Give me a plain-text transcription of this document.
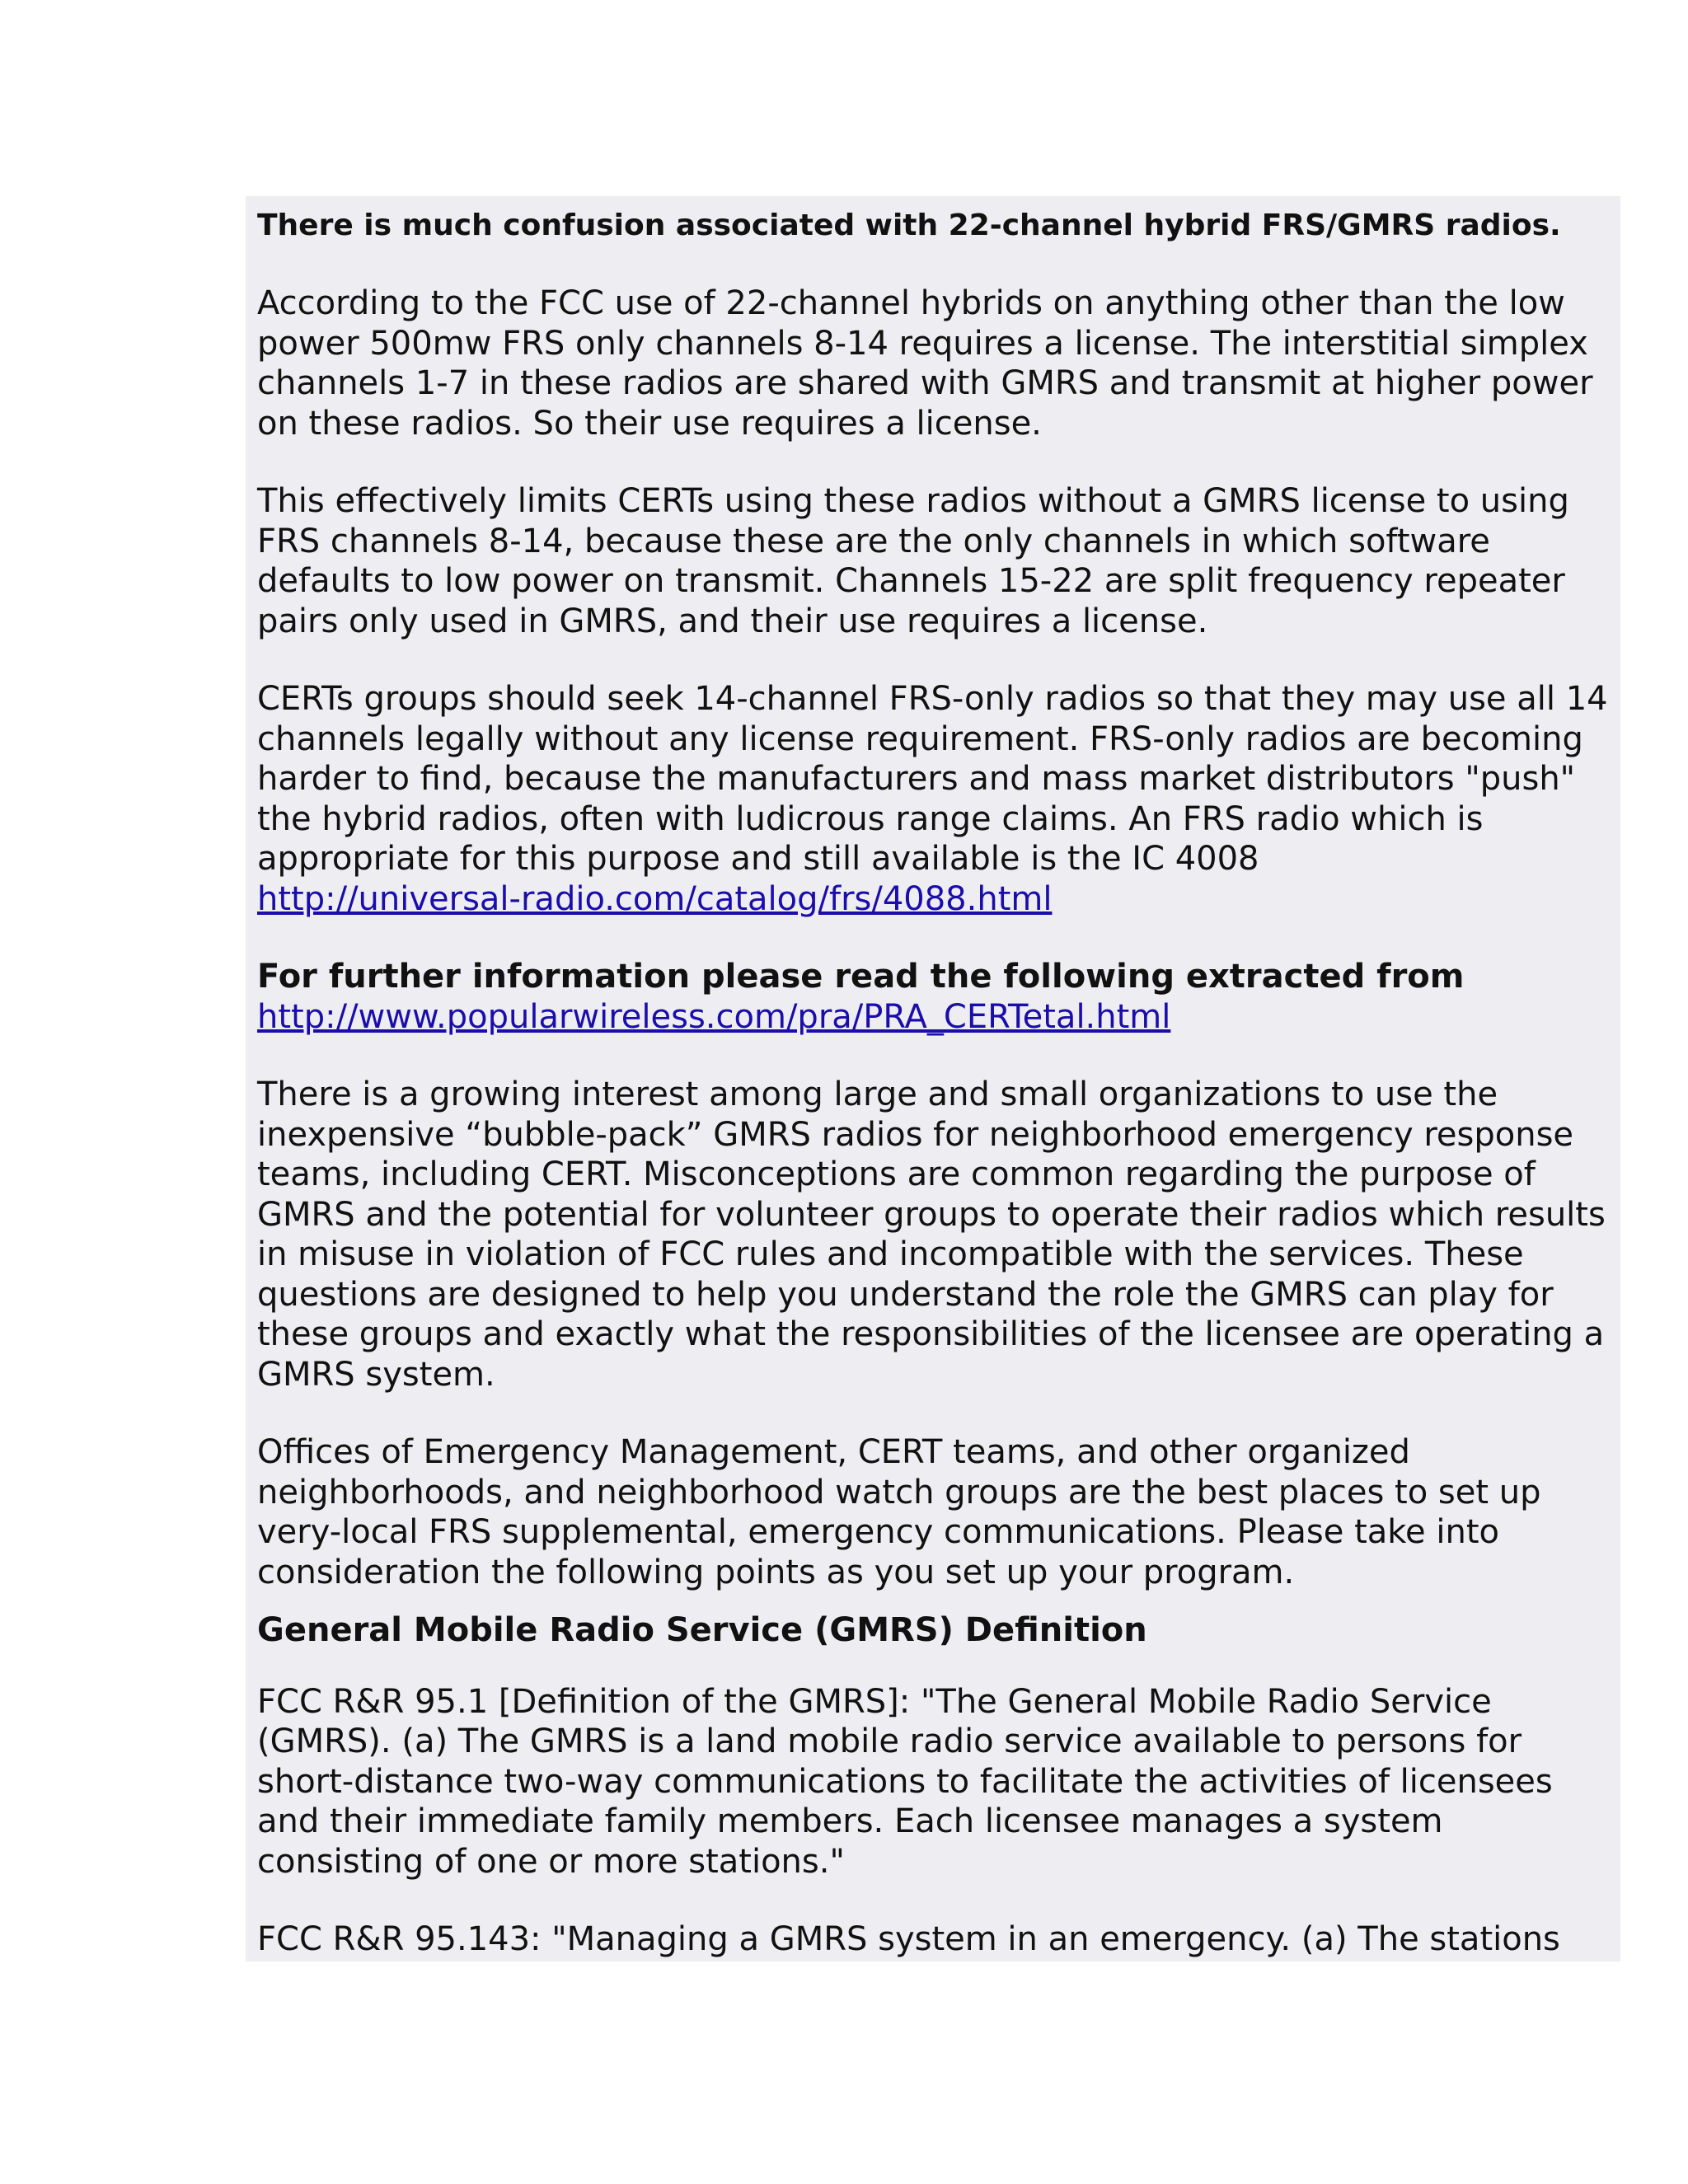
There is much confusion associated with 22-channel hybrid FRS/GMRS radios.

According to the FCC use of 22-channel hybrids on anything other than the low power 500mw FRS only channels 8-14 requires a license. The interstitial simplex channels 1-7 in these radios are shared with GMRS and transmit at higher power on these radios. So their use requires a license.

This effectively limits CERTs using these radios without a GMRS license to using FRS channels 8-14, because these are the only channels in which software defaults to low power on transmit. Channels 15-22 are split frequency repeater pairs only used in GMRS, and their use requires a license.

CERTs groups should seek 14-channel FRS-only radios so that they may use all 14 channels legally without any license requirement. FRS-only radios are becoming harder to find, because the manufacturers and mass market distributors "push" the hybrid radios, often with ludicrous range claims. An FRS radio which is appropriate for this purpose and still available is the IC 4008
http://universal-radio.com/catalog/frs/4088.html

For further information please read the following extracted from
http://www.popularwireless.com/pra/PRA_CERTetal.html

There is a growing interest among large and small organizations to use the inexpensive “bubble-pack” GMRS radios for neighborhood emergency response teams, including CERT. Misconceptions are common regarding the purpose of GMRS and the potential for volunteer groups to operate their radios which results in misuse in violation of FCC rules and incompatible with the services. These questions are designed to help you understand the role the GMRS can play for these groups and exactly what the responsibilities of the licensee are operating a GMRS system.

Offices of Emergency Management, CERT teams, and other organized neighborhoods, and neighborhood watch groups are the best places to set up very-local FRS supplemental, emergency communications. Please take into consideration the following points as you set up your program.

General Mobile Radio Service (GMRS) Definition

FCC R&R 95.1 [Definition of the GMRS]: "The General Mobile Radio Service (GMRS). (a) The GMRS is a land mobile radio service available to persons for short-distance two-way communications to facilitate the activities of licensees and their immediate family members. Each licensee manages a system consisting of one or more stations."

FCC R&R 95.143: "Managing a GMRS system in an emergency. (a) The stations
